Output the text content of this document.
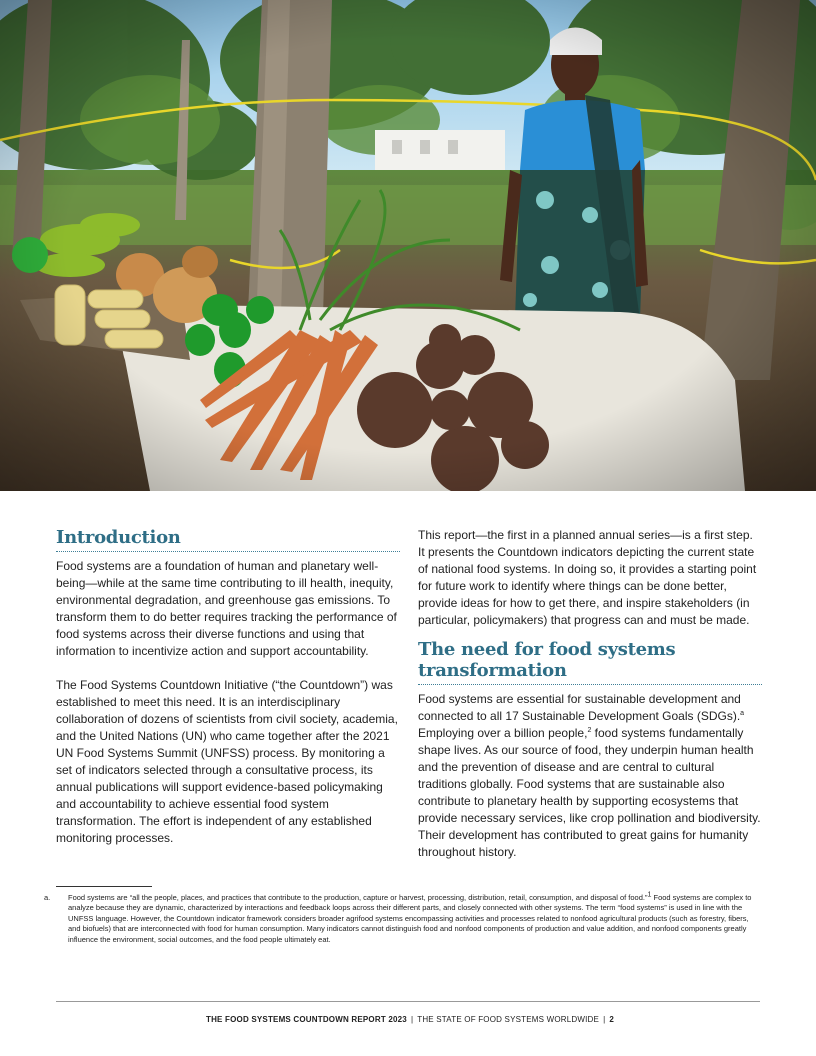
Introduction

Food systems are a foundation of human and planetary well-being—while at the same time contributing to ill health, inequity, environmental degradation, and greenhouse gas emissions. To transform them to do better requires tracking the performance of food systems across their diverse functions and using that information to incentivize action and support accountability.

The Food Systems Countdown Initiative (“the Countdown”) was established to meet this need. It is an interdisciplinary collaboration of dozens of scientists from civil society, academia, and the United Nations (UN) who came together after the 2021 UN Food Systems Summit (UNFSS) process. By monitoring a set of indicators selected through a consultative process, its annual publications will support evidence-based policymaking and accountability to achieve essential food system transformation. The effort is independent of any established monitoring processes.

This report—the first in a planned annual series—is a first step. It presents the Countdown indicators depicting the current state of national food systems. In doing so, it provides a starting point for future work to identify where things can be done better, provide ideas for how to get there, and inspire stakeholders (in particular, policymakers) that progress can and must be made.

The need for food systems transformation

Food systems are essential for sustainable development and connected to all 17 Sustainable Development Goals (SDGs).$^a$ Employing over a billion people,$^2$ food systems fundamentally shape lives. As our source of food, they underpin human health and the prevention of disease and are central to cultural traditions globally. Food systems that are sustainable also contribute to planetary health by supporting ecosystems that provide necessary services, like crop pollination and biodiversity. Their development has contributed to great gains for humanity throughout history.

a. Food systems are “all the people, places, and practices that contribute to the production, capture or harvest, processing, distribution, retail, consumption, and disposal of food.”$^1$ Food systems are complex to analyze because they are dynamic, characterized by interactions and feedback loops across their different parts, and closely connected with other systems. The term “food systems” is used in line with the UNFSS language. However, the Countdown indicator framework considers broader agrifood systems encompassing activities and processes related to nonfood agricultural products (such as forestry, fibers, and biofuels) that are interconnected with food for human consumption. Many indicators cannot distinguish food and nonfood components of production and value addition, and nonfood components greatly influence the environment, social outcomes, and the food people ultimately eat.
THE FOOD SYSTEMS COUNTDOWN REPORT 2023 | THE STATE OF FOOD SYSTEMS WORLDWIDE | 2
